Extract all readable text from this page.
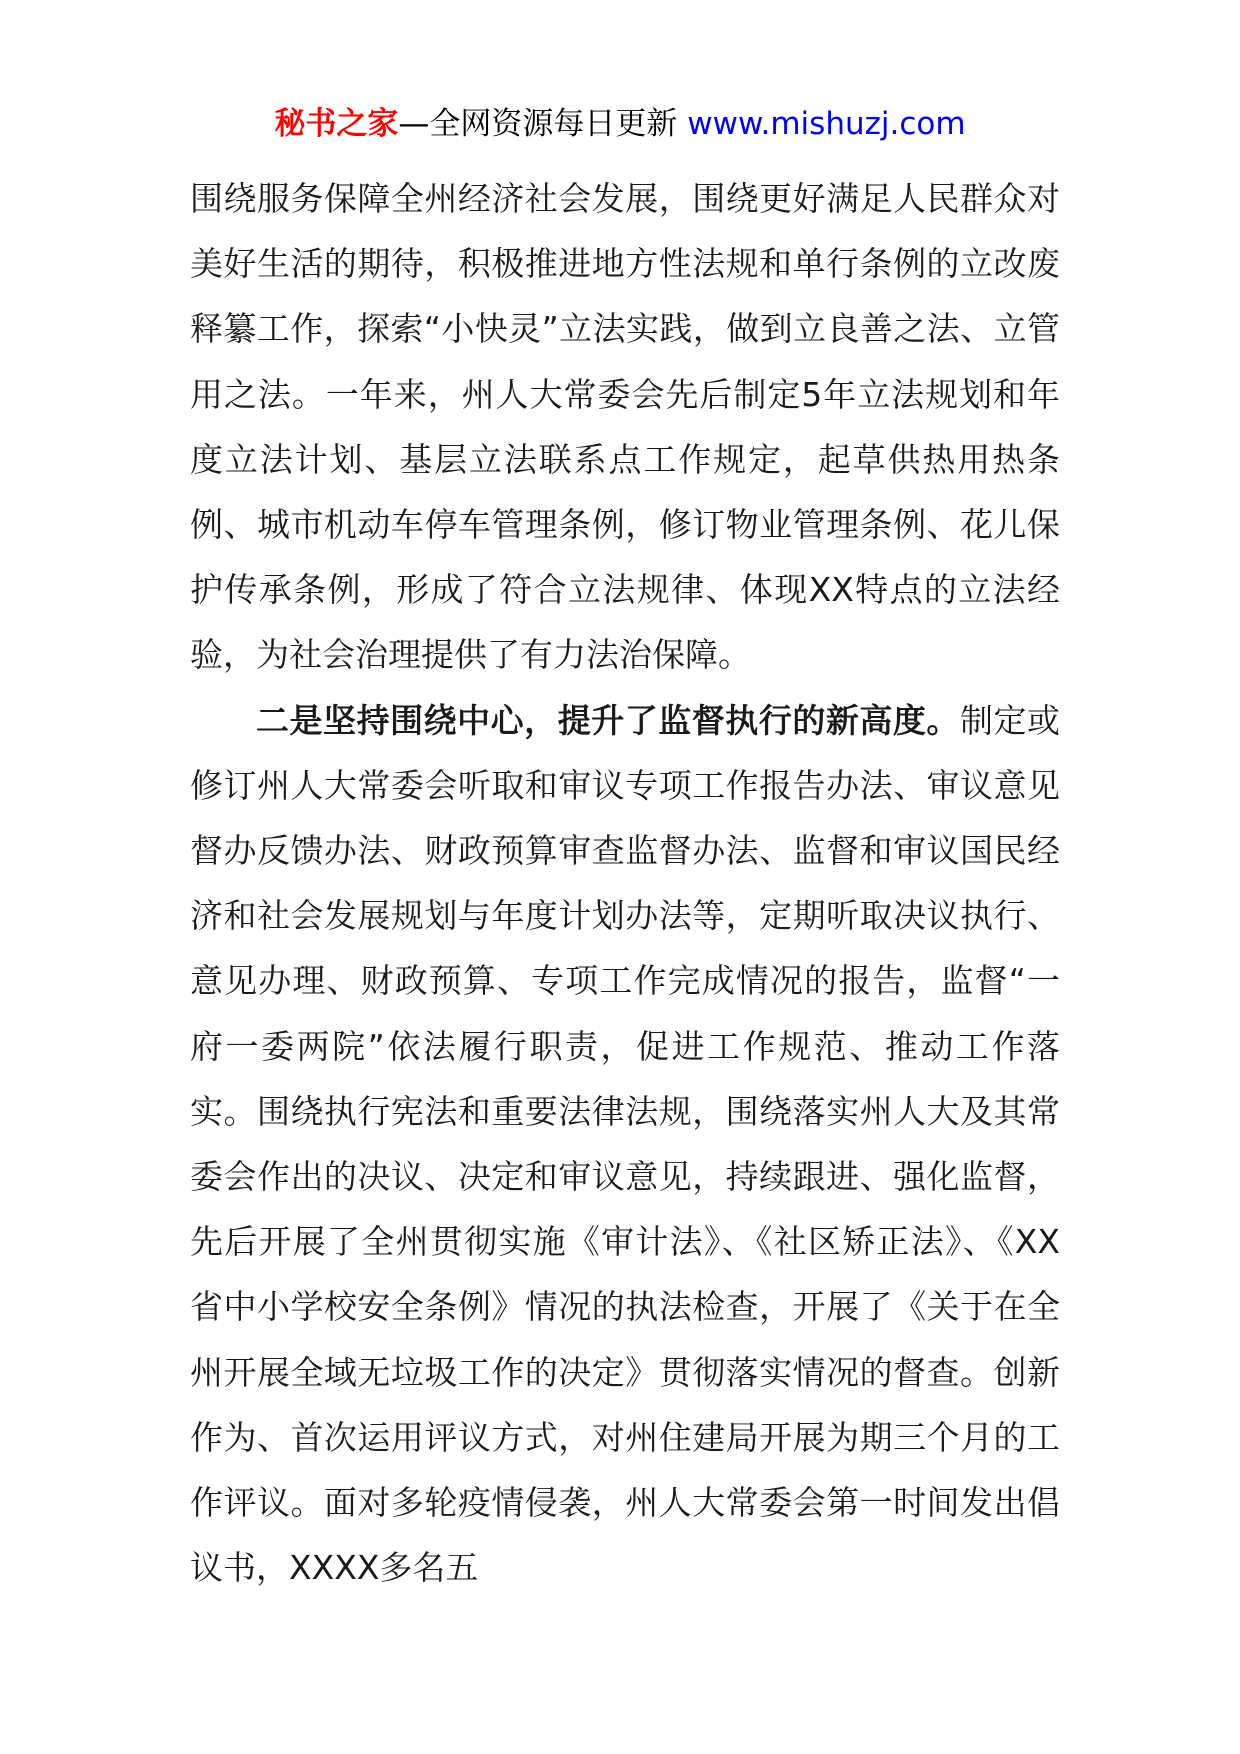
秘书之家—全网资源每日更新 www.mishuzj.com

围绕服务保障全州经济社会发展，围绕更好满足人民群众对美好生活的期待，积极推进地方性法规和单行条例的立改废释纂工作，探索“小快灵”立法实践，做到立良善之法、立管用之法。一年来，州人大常委会先后制定5年立法规划和年度立法计划、基层立法联系点工作规定，起草供热用热条例、城市机动车停车管理条例，修订物业管理条例、花儿保护传承条例，形成了符合立法规律、体现XX特点的立法经验，为社会治理提供了有力法治保障。

二是坚持围绕中心，提升了监督执行的新高度。制定或修订州人大常委会听取和审议专项工作报告办法、审议意见督办反馈办法、财政预算审查监督办法、监督和审议国民经济和社会发展规划与年度计划办法等，定期听取决议执行、意见办理、财政预算、专项工作完成情况的报告，监督“一府一委两院”依法履行职责，促进工作规范、推动工作落实。围绕执行宪法和重要法律法规，围绕落实州人大及其常委会作出的决议、决定和审议意见，持续跟进、强化监督，先后开展了全州贯彻实施《审计法》、《社区矫正法》、《XX省中小学校安全条例》情况的执法检查，开展了《关于在全州开展全域无垃圾工作的决定》贯彻落实情况的督查。创新作为、首次运用评议方式，对州住建局开展为期三个月的工作评议。面对多轮疫情侵袭，州人大常委会第一时间发出倡议书，XXXX多名五
